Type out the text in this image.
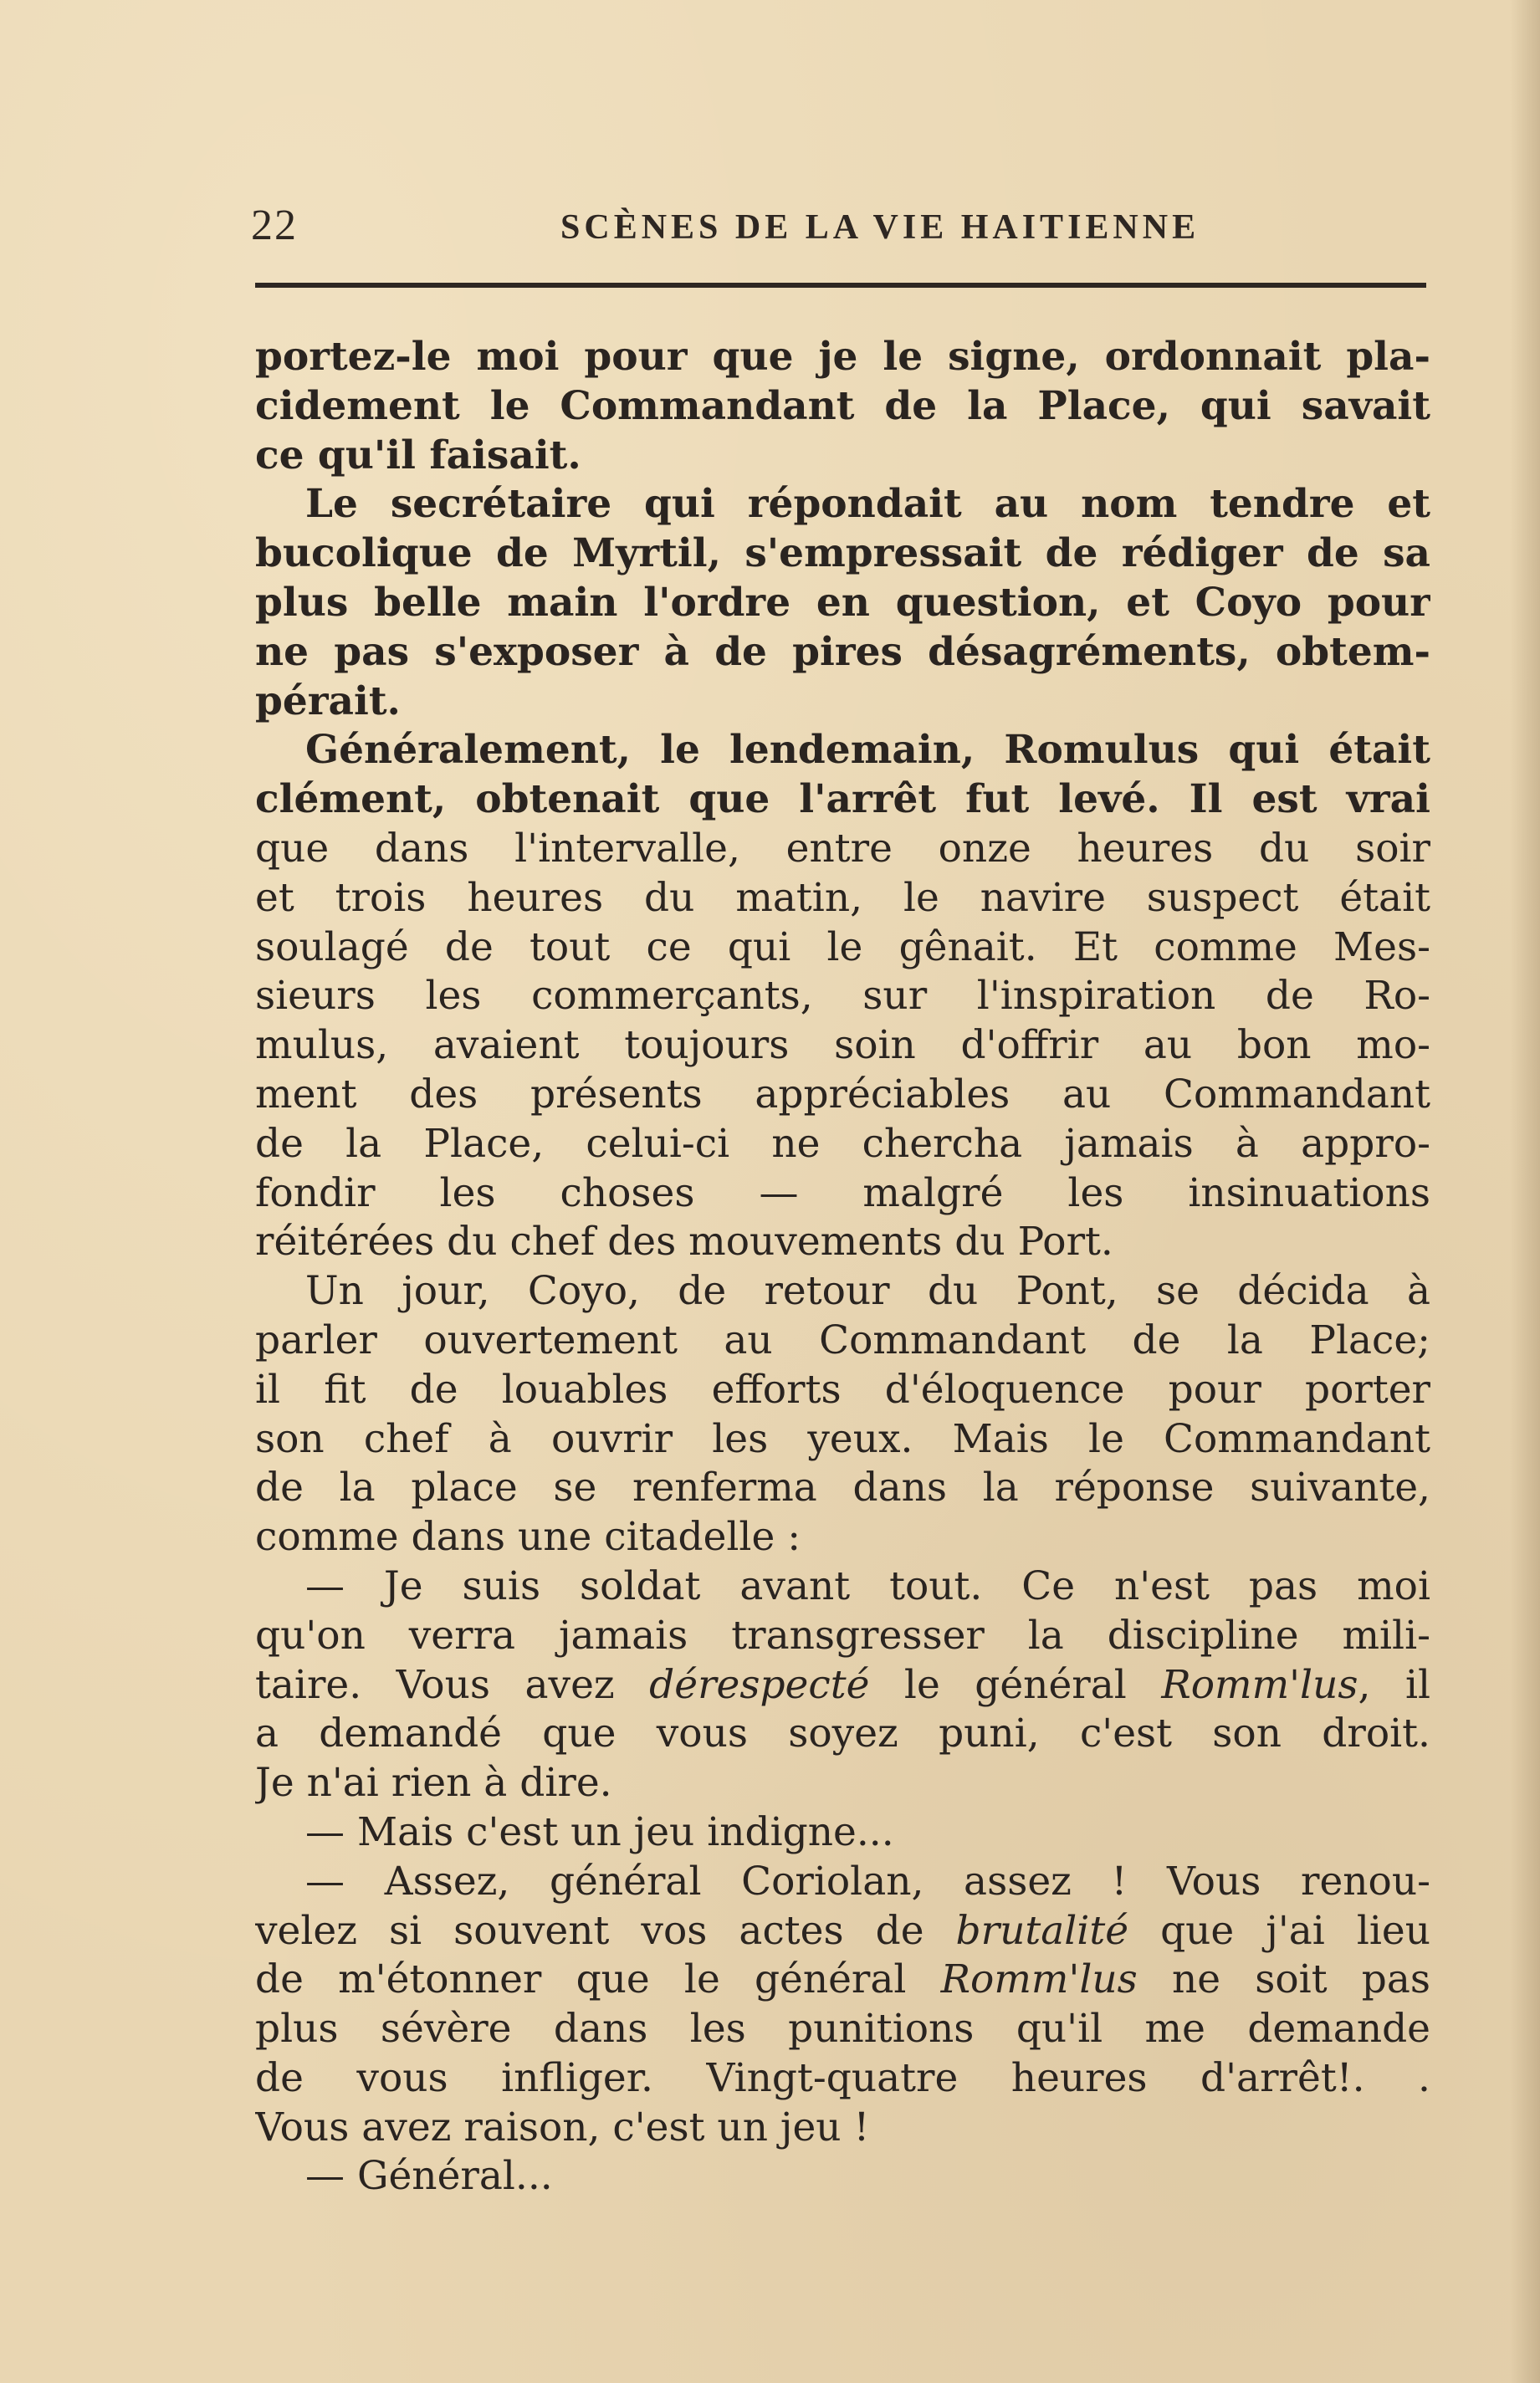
22	SCÈNES DE LA VIE HAITIENNE
portez-le moi pour que je le signe, ordonnait pla-
cidement le Commandant de la Place, qui savait
ce qu'il faisait.
Le secrétaire qui répondait au nom tendre et
bucolique de Myrtil, s'empressait de rédiger de sa
plus belle main l'ordre en question, et Coyo pour
ne pas s'exposer à de pires désagréments, obtem-
pérait.
Généralement, le lendemain, Romulus qui était
clément, obtenait que l'arrêt fut levé. Il est vrai
que dans l'intervalle, entre onze heures du soir
et trois heures du matin, le navire suspect était
soulagé de tout ce qui le gênait. Et comme Mes-
sieurs les commerçants, sur l'inspiration de Ro-
mulus, avaient toujours soin d'offrir au bon mo-
ment des présents appréciables au Commandant
de la Place, celui-ci ne chercha jamais à appro-
fondir les choses — malgré les insinuations
réitérées du chef des mouvements du Port.
Un jour, Coyo, de retour du Pont, se décida à
parler ouvertement au Commandant de la Place;
il fit de louables efforts d'éloquence pour porter
son chef à ouvrir les yeux. Mais le Commandant
de la place se renferma dans la réponse suivante,
comme dans une citadelle :
— Je suis soldat avant tout. Ce n'est pas moi
qu'on verra jamais transgresser la discipline mili-
taire. Vous avez dérespecté le général Romm'lus, il
a demandé que vous soyez puni, c'est son droit.
Je n'ai rien à dire.
— Mais c'est un jeu indigne...
— Assez, général Coriolan, assez ! Vous renou-
velez si souvent vos actes de brutalité que j'ai lieu
de m'étonner que le général Romm'lus ne soit pas
plus sévère dans les punitions qu'il me demande
de vous infliger. Vingt-quatre heures d'arrêt!. .
Vous avez raison, c'est un jeu !
— Général...
